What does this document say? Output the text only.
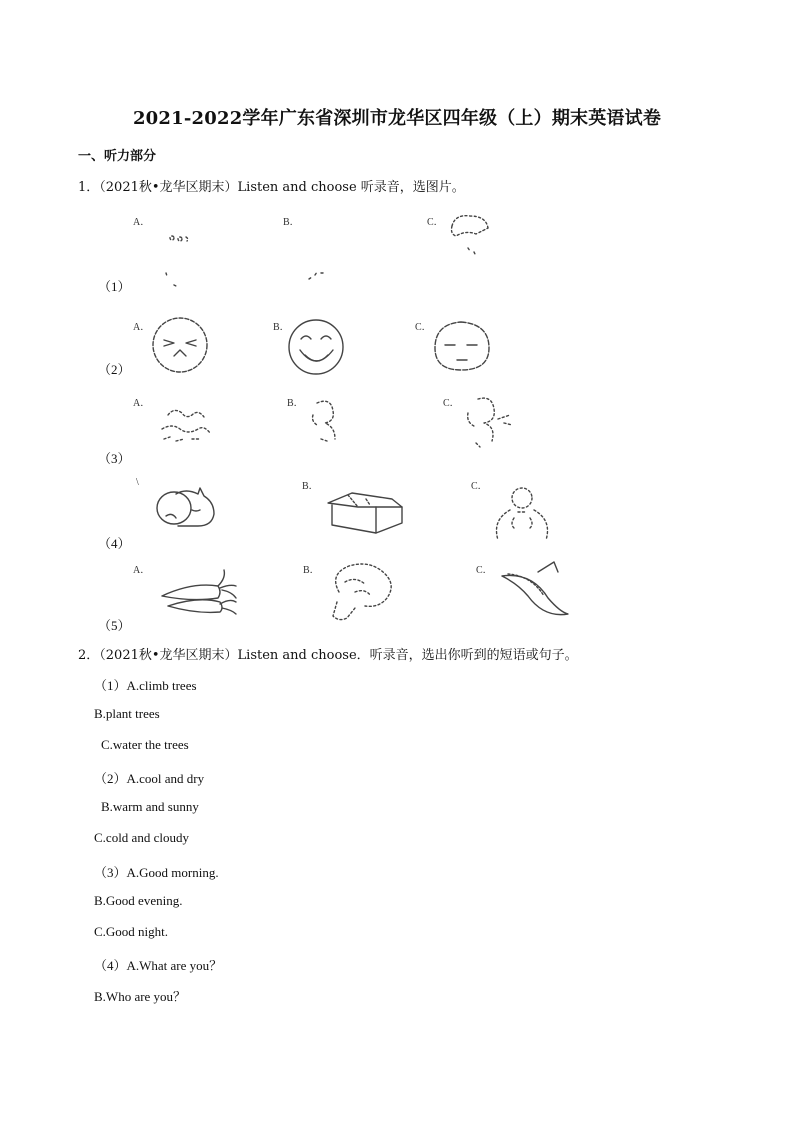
2021-2022学年广东省深圳市龙华区四年级（上）期末英语试卷
一、听力部分
1．（2021秋•龙华区期末）Listen and choose 听录音，选图片。
A．	B．	C．
（1）
A．	B．	C．
（2）
A．	B．	C．
（3）
\	B．	C．
（4）
A．	B．	C．
（5）
2．（2021秋•龙华区期末）Listen and choose．听录音，选出你听到的短语或句子。
（1）A.climb trees
B.plant trees
C.water the trees
（2）A.cool and dry
B.warm and sunny
C.cold and cloudy
（3）A.Good morning.
B.Good evening.
C.Good night.
（4）A.What are you？
B.Who are you？
